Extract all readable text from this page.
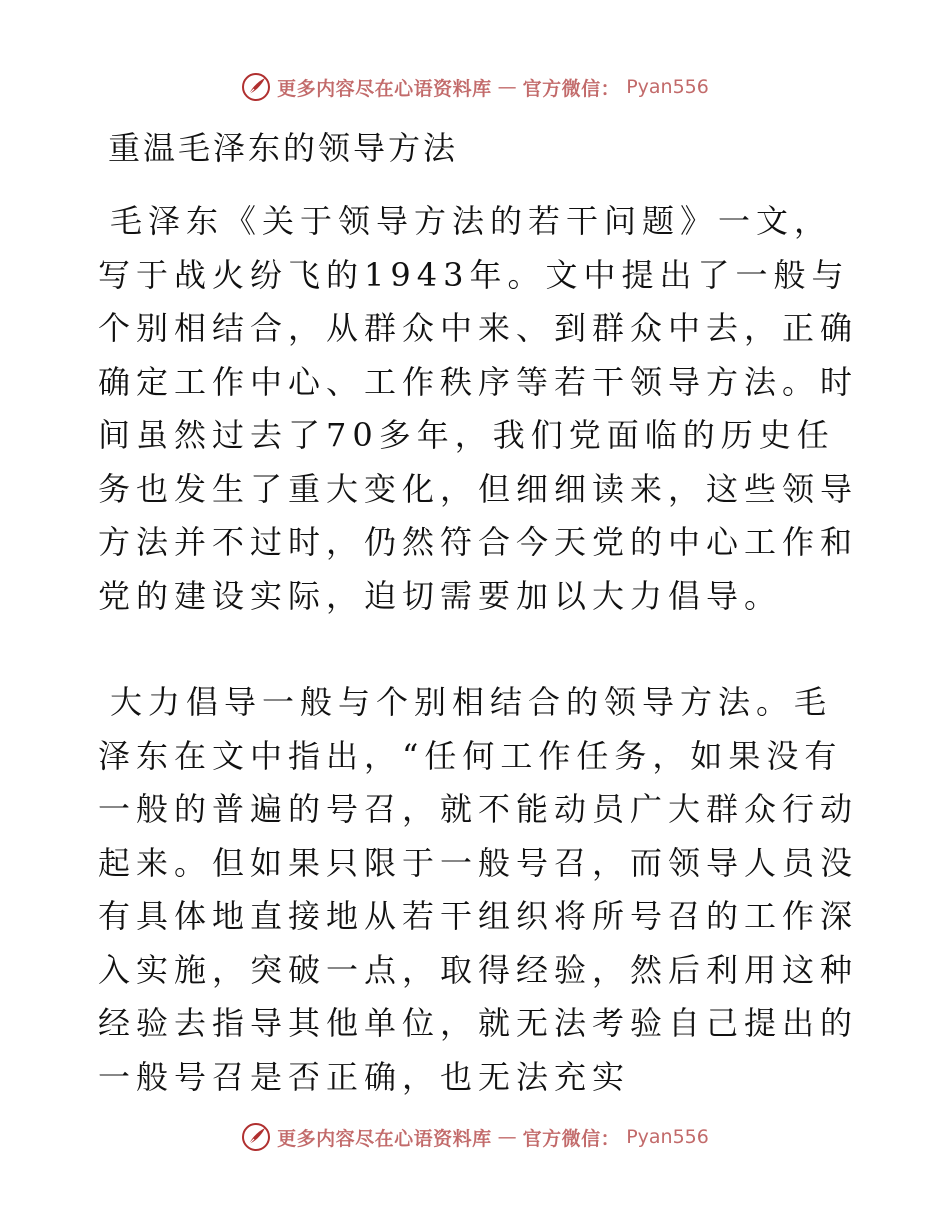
更多内容尽在心语资料库 — 官方微信： Pyan556
重温毛泽东的领导方法

毛泽东《关于领导方法的若干问题》一文，写于战火纷飞的1943年。文中提出了一般与个别相结合，从群众中来、到群众中去，正确确定工作中心、工作秩序等若干领导方法。时间虽然过去了70多年，我们党面临的历史任务也发生了重大变化，但细细读来，这些领导方法并不过时，仍然符合今天党的中心工作和党的建设实际，迫切需要加以大力倡导。

大力倡导一般与个别相结合的领导方法。毛泽东在文中指出，“任何工作任务，如果没有一般的普遍的号召，就不能动员广大群众行动起来。但如果只限于一般号召，而领导人员没有具体地直接地从若干组织将所号召的工作深入实施，突破一点，取得经验，然后利用这种经验去指导其他单位，就无法考验自己提出的一般号召是否正确，也无法充实

更多内容尽在心语资料库 — 官方微信： Pyan556
